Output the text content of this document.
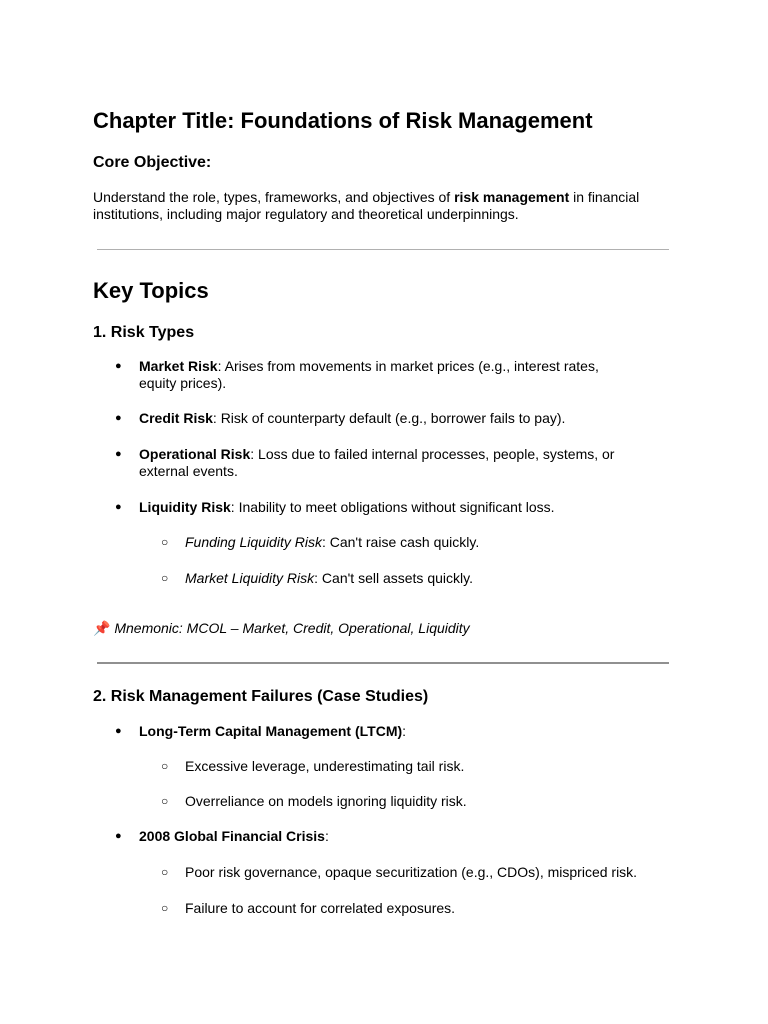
Chapter Title: Foundations of Risk Management
Core Objective:

Understand the role, types, frameworks, and objectives of risk management in financial institutions, including major regulatory and theoretical underpinnings.

Key Topics
1. Risk Types
● Market Risk: Arises from movements in market prices (e.g., interest rates, equity prices).
● Credit Risk: Risk of counterparty default (e.g., borrower fails to pay).
● Operational Risk: Loss due to failed internal processes, people, systems, or external events.
● Liquidity Risk: Inability to meet obligations without significant loss.
○ Funding Liquidity Risk: Can't raise cash quickly.
○ Market Liquidity Risk: Can't sell assets quickly.

📌 Mnemonic: MCOL – Market, Credit, Operational, Liquidity

2. Risk Management Failures (Case Studies)
● Long-Term Capital Management (LTCM):
○ Excessive leverage, underestimating tail risk.
○ Overreliance on models ignoring liquidity risk.
● 2008 Global Financial Crisis:
○ Poor risk governance, opaque securitization (e.g., CDOs), mispriced risk.
○ Failure to account for correlated exposures.
